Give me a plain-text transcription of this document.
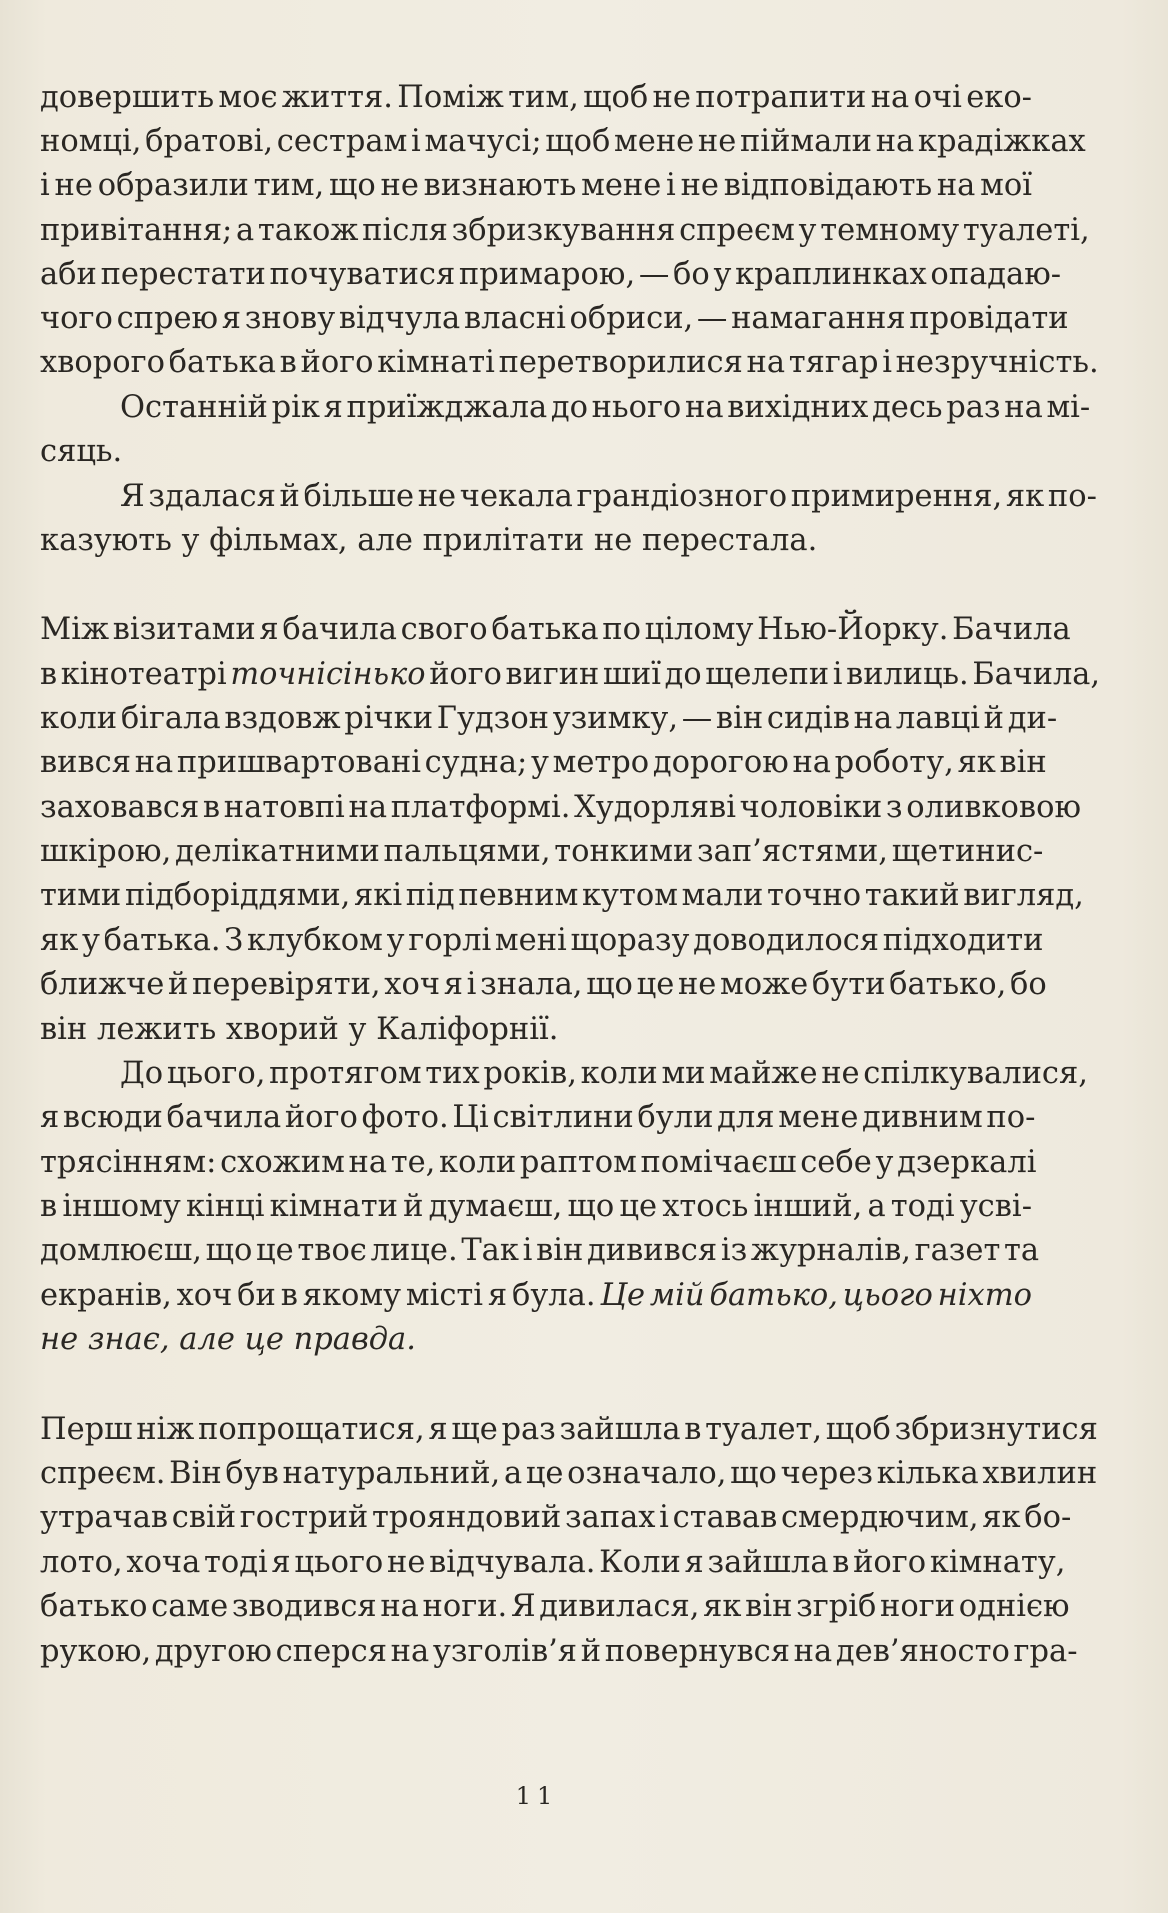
довершить моє життя. Поміж тим, щоб не потрапити на очі еко-

номці, братові, сестрам і мачусі; щоб мене не піймали на крадіжках

і не образили тим, що не визнають мене і не відповідають на мої

привітання; а також після збризкування спреєм у темному туалеті,

аби перестати почуватися примарою, — бо у краплинках опадаю-

чого спрею я знову відчула власні обриси, — намагання провідати

хворого батька в його кімнаті перетворилися на тягар і незручність.

Останній рік я приїжджала до нього на вихідних десь раз на мі-

сяць.

Я здалася й більше не чекала грандіозного примирення, як по-

казують у фільмах, але прилітати не перестала.

Між візитами я бачила свого батька по цілому Нью-Йорку. Бачила

в кінотеатрі точнісінько його вигин шиї до щелепи і вилиць. Бачила,

коли бігала вздовж річки Гудзон узимку, — він сидів на лавці й ди-

вився на пришвартовані судна; у метро дорогою на роботу, як він

заховався в натовпі на платформі. Худорляві чоловіки з оливковою

шкірою, делікатними пальцями, тонкими зап’ястями, щетинис-

тими підборіддями, які під певним кутом мали точно такий вигляд,

як у батька. З клубком у горлі мені щоразу доводилося підходити

ближче й перевіряти, хоч я і знала, що це не може бути батько, бо

він лежить хворий у Каліфорнії.

До цього, протягом тих років, коли ми майже не спілкувалися,

я всюди бачила його фото. Ці світлини були для мене дивним по-

трясінням: схожим на те, коли раптом помічаєш себе у дзеркалі

в іншому кінці кімнати й думаєш, що це хтось інший, а тоді усві-

домлюєш, що це твоє лице. Так і він дивився із журналів, газет та

екранів, хоч би в якому місті я була. Це мій батько, цього ніхто

не знає, але це правда.

Перш ніж попрощатися, я ще раз зайшла в туалет, щоб збризнутися

спреєм. Він був натуральний, а це означало, що через кілька хвилин

утрачав свій гострий трояндовий запах і ставав смердючим, як бо-

лото, хоча тоді я цього не відчувала. Коли я зайшла в його кімнату,

батько саме зводився на ноги. Я дивилася, як він згріб ноги однією

рукою, другою сперся на узголів’я й повернувся на дев’яносто гра-

11
